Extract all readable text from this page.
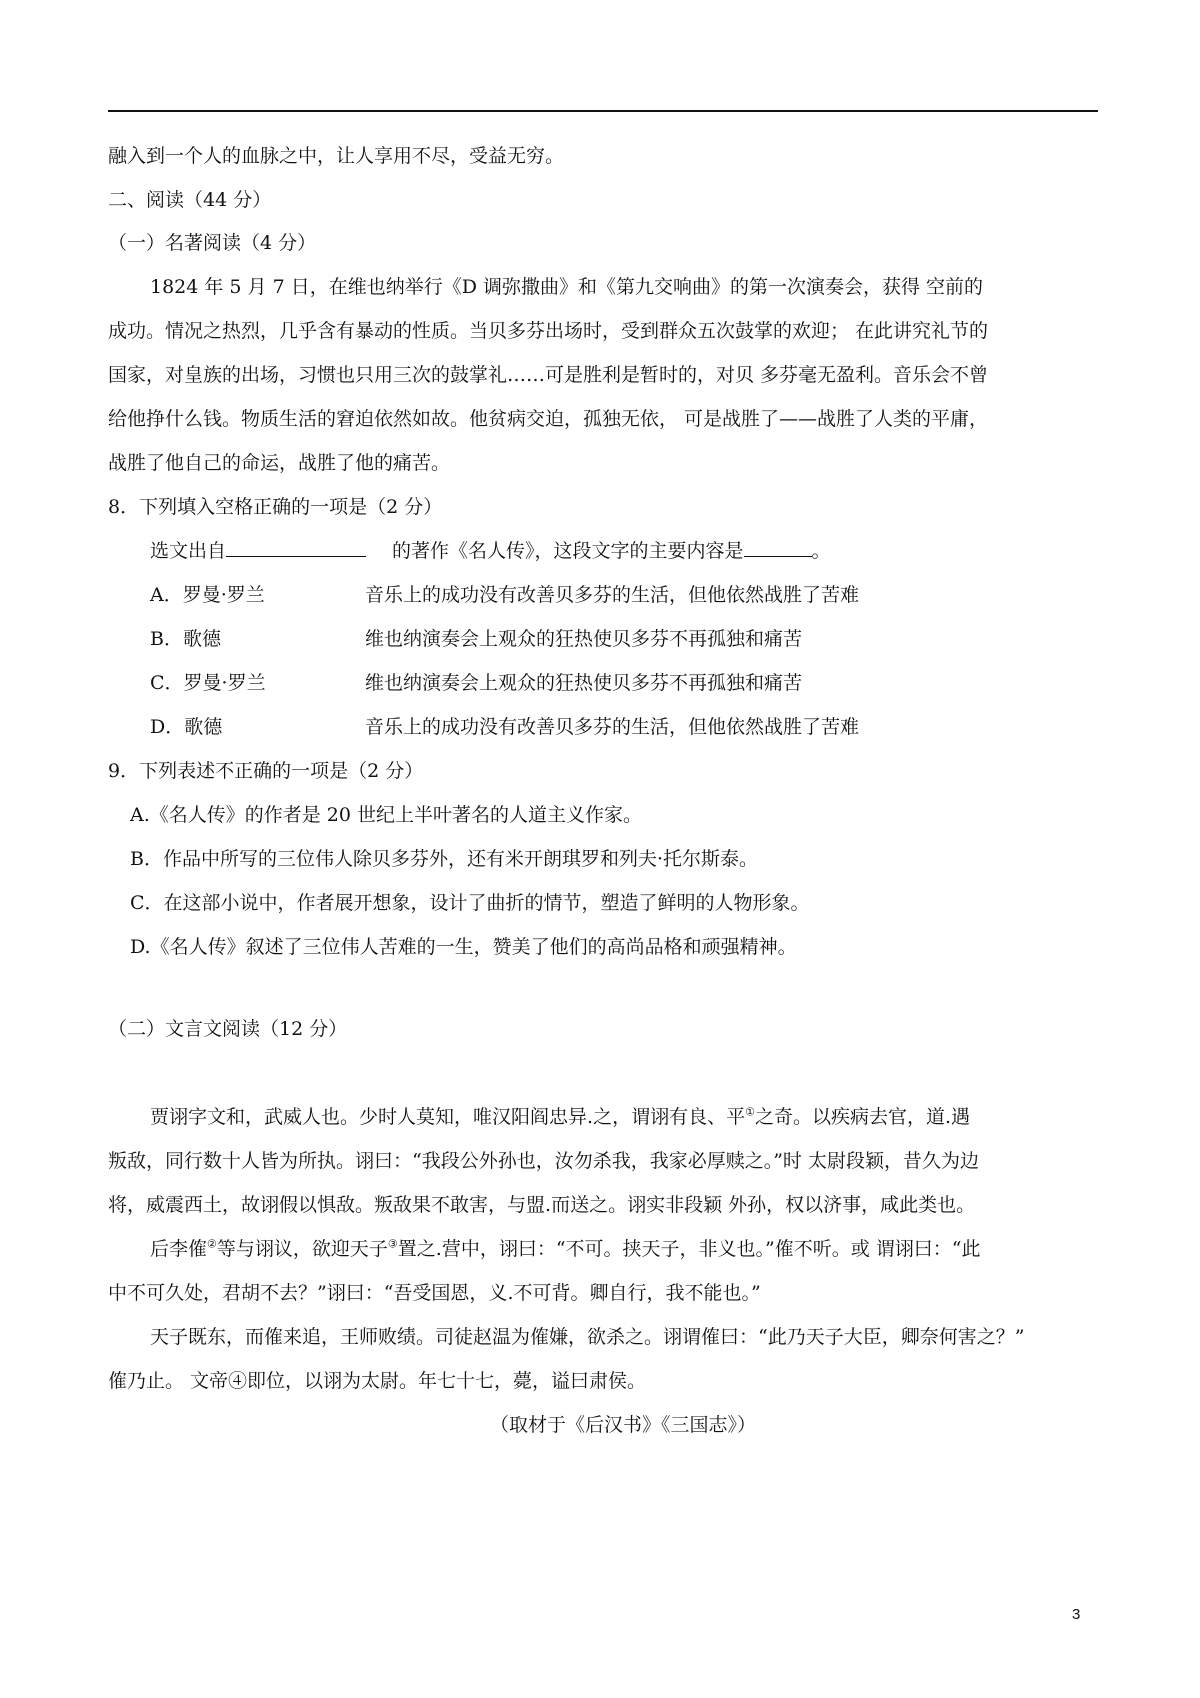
融入到一个人的血脉之中，让人享用不尽，受益无穷。
二、阅读（44 分）
（一）名著阅读（4 分）
1824 年 5 月 7 日，在维也纳举行《D 调弥撒曲》和《第九交响曲》的第一次演奏会，获得 空前的
成功。情况之热烈，几乎含有暴动的性质。当贝多芬出场时，受到群众五次鼓掌的欢迎； 在此讲究礼节的
国家，对皇族的出场，习惯也只用三次的鼓掌礼……可是胜利是暂时的，对贝 多芬毫无盈利。音乐会不曾
给他挣什么钱。物质生活的窘迫依然如故。他贫病交迫，孤独无依， 可是战胜了——战胜了人类的平庸，
战胜了他自己的命运，战胜了他的痛苦。
8．下列填入空格正确的一项是（2 分）
选文出自	的著作《名人传》，这段文字的主要内容是	。
A．罗曼·罗兰	音乐上的成功没有改善贝多芬的生活，但他依然战胜了苦难
B．歌德	维也纳演奏会上观众的狂热使贝多芬不再孤独和痛苦
C．罗曼·罗兰	维也纳演奏会上观众的狂热使贝多芬不再孤独和痛苦
D．歌德	音乐上的成功没有改善贝多芬的生活，但他依然战胜了苦难
9．下列表述不正确的一项是（2 分）
A.《名人传》的作者是 20 世纪上半叶著名的人道主义作家。
B．作品中所写的三位伟人除贝多芬外，还有米开朗琪罗和列夫·托尔斯泰。
C．在这部小说中，作者展开想象，设计了曲折的情节，塑造了鲜明的人物形象。
D.《名人传》叙述了三位伟人苦难的一生，赞美了他们的高尚品格和顽强精神。
（二）文言文阅读（12 分）
贾诩字文和，武威人也。少时人莫知，唯汉阳阎忠异.之，谓诩有良、平①之奇。以疾病去官，道.遇
叛敌，同行数十人皆为所执。诩曰：“我段公外孙也，汝勿杀我，我家必厚赎之。”时 太尉段颖，昔久为边
将，威震西土，故诩假以惧敌。叛敌果不敢害，与盟.而送之。诩实非段颖 外孙，权以济事，咸此类也。
后李傕②等与诩议，欲迎天子③置之.营中，诩曰：“不可。挟天子，非义也。”傕不听。或 谓诩曰：“此
中不可久处，君胡不去？”诩曰：“吾受国恩，义.不可背。卿自行，我不能也。”
天子既东，而傕来追，王师败绩。司徒赵温为傕嫌，欲杀之。诩谓傕曰：“此乃天子大臣，卿奈何害之？”
傕乃止。 文帝④即位，以诩为太尉。年七十七，薨，谥曰肃侯。
（取材于《后汉书》《三国志》）
3
